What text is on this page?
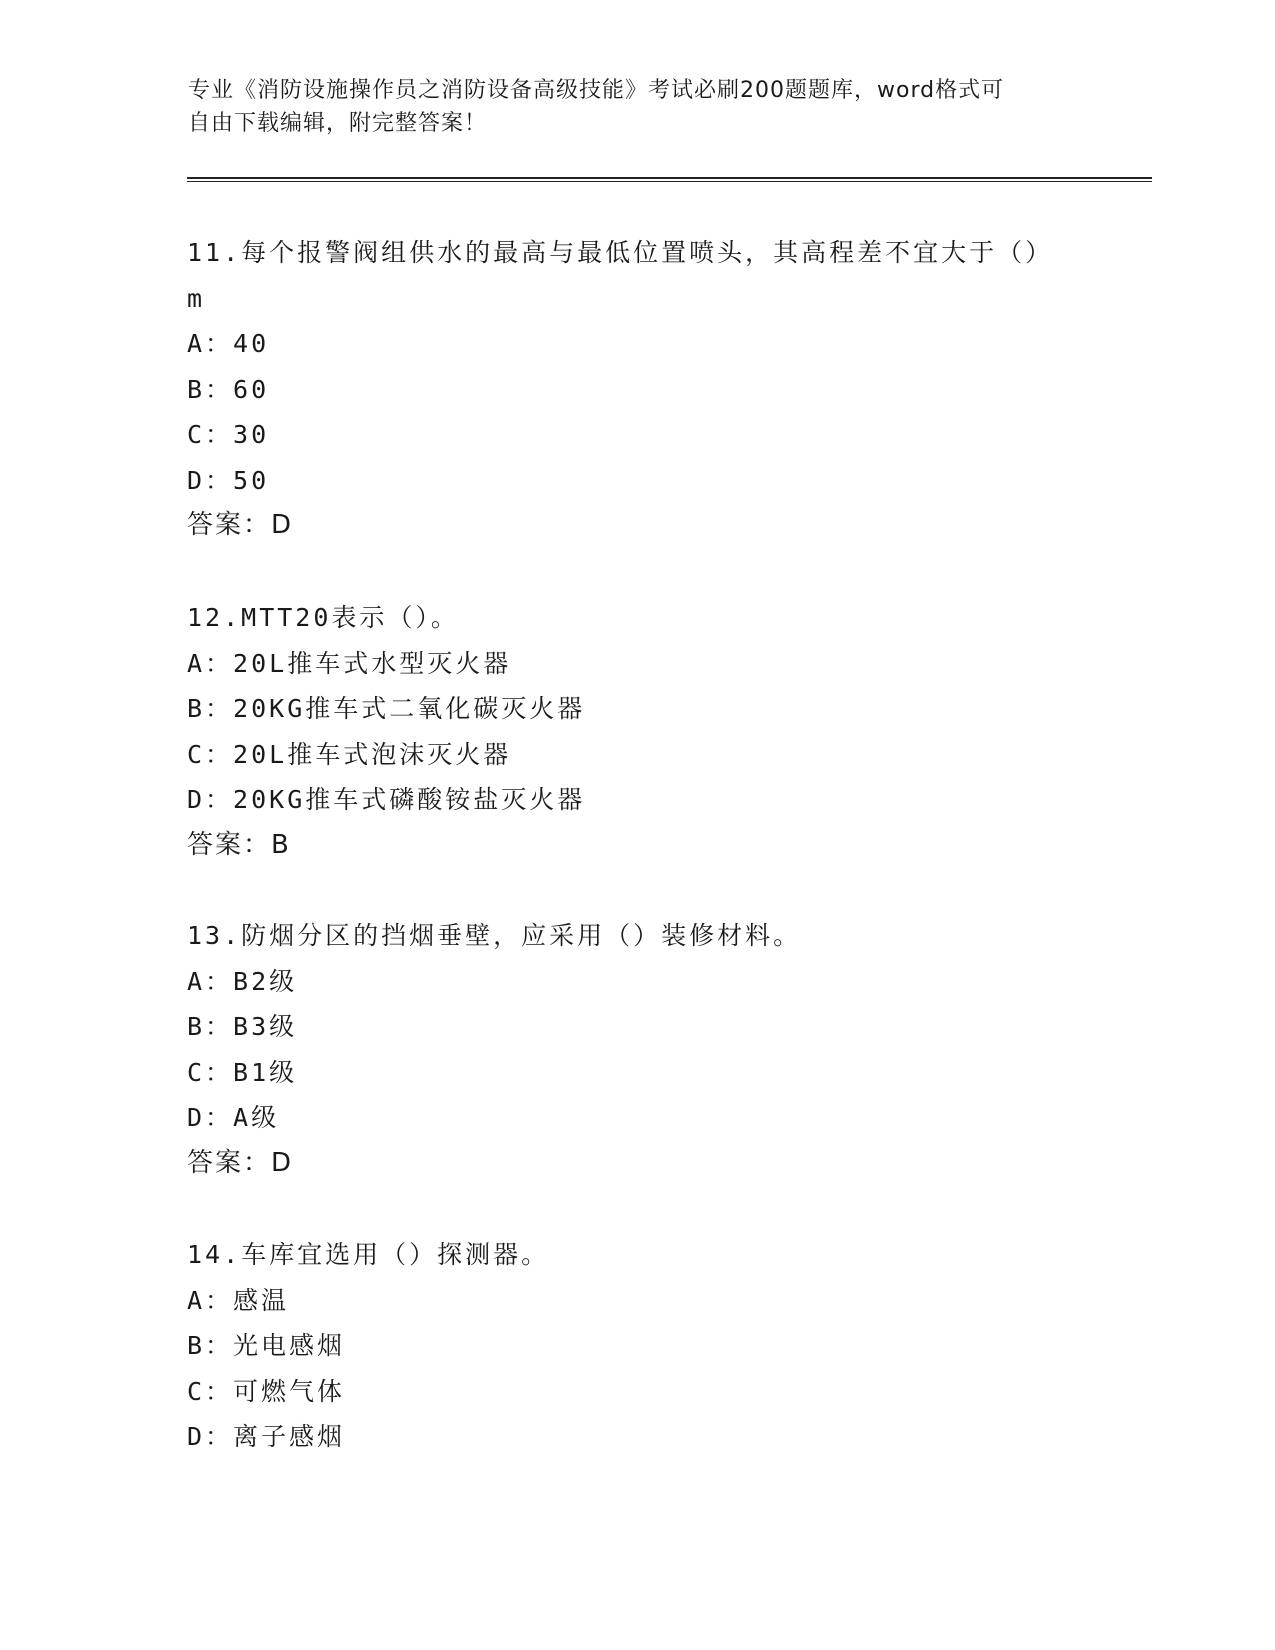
专业《消防设施操作员之消防设备高级技能》考试必刷200题题库，word格式可
自由下载编辑，附完整答案！
11.每个报警阀组供水的最高与最低位置喷头，其高程差不宜大于（）
m
A：40
B：60
C：30
D：50
答案：D
12.MTT20表示（）。
A：20L推车式水型灭火器
B：20KG推车式二氧化碳灭火器
C：20L推车式泡沫灭火器
D：20KG推车式磷酸铵盐灭火器
答案：B
13.防烟分区的挡烟垂壁，应采用（）装修材料。
A：B2级
B：B3级
C：B1级
D：A级
答案：D
14.车库宜选用（）探测器。
A：感温
B：光电感烟
C：可燃气体
D：离子感烟
